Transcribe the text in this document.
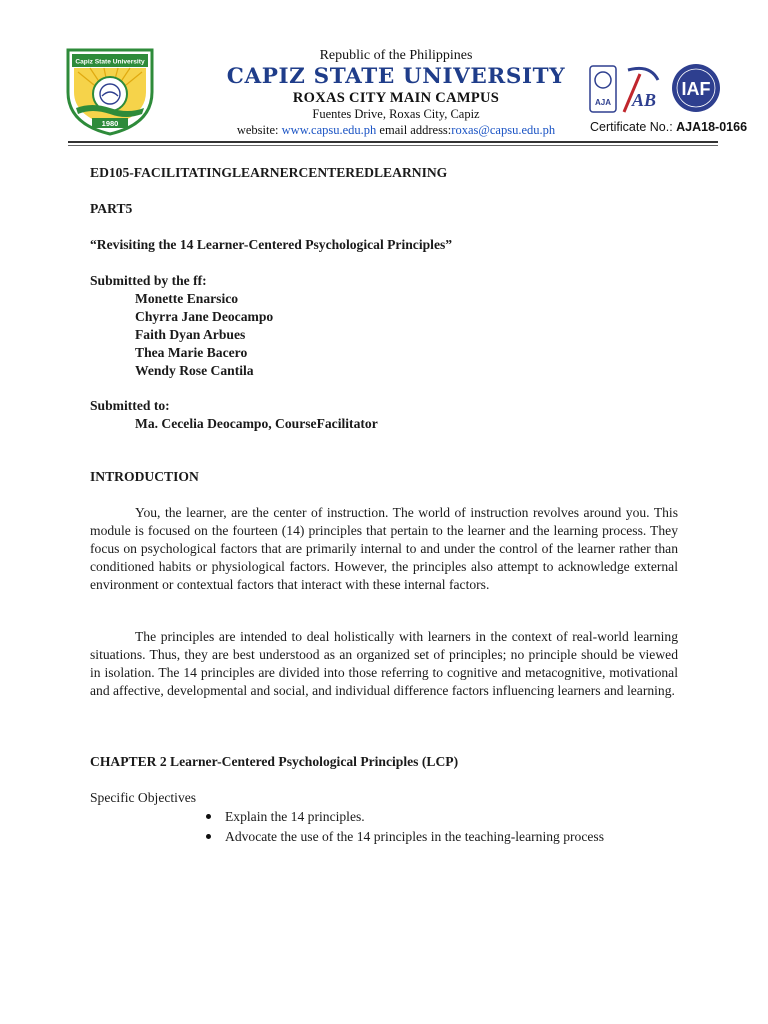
Capiz State University
1980
Republic of the Philippines
CAPIZ STATE UNIVERSITY
ROXAS CITY MAIN CAMPUS
Fuentes Drive, Roxas City, Capiz
website: www.capsu.edu.ph email address:roxas@capsu.edu.ph
AJA AB
IAF
Certificate No.: AJA18-0166
ED105-FACILITATINGLEARNERCENTEREDLEARNING
PART5
“Revisiting the 14 Learner-Centered Psychological Principles”
Submitted by the ff:
Monette Enarsico
Chyrra Jane Deocampo
Faith Dyan Arbues
Thea Marie Bacero
Wendy Rose Cantila
Submitted to:
Ma. Cecelia Deocampo, CourseFacilitator
INTRODUCTION
You, the learner, are the center of instruction. The world of instruction revolves around you. This module is focused on the fourteen (14) principles that pertain to the learner and the learning process. They focus on psychological factors that are primarily internal to and under the control of the learner rather than conditioned habits or physiological factors. However, the principles also attempt to acknowledge external environment or contextual factors that interact with these internal factors.
The principles are intended to deal holistically with learners in the context of real-world learning situations. Thus, they are best understood as an organized set of principles; no principle should be viewed in isolation. The 14 principles are divided into those referring to cognitive and metacognitive, motivational and affective, developmental and social, and individual difference factors influencing learners and learning.
CHAPTER 2 Learner-Centered Psychological Principles (LCP)
Specific Objectives
Explain the 14 principles.
Advocate the use of the 14 principles in the teaching-learning process
